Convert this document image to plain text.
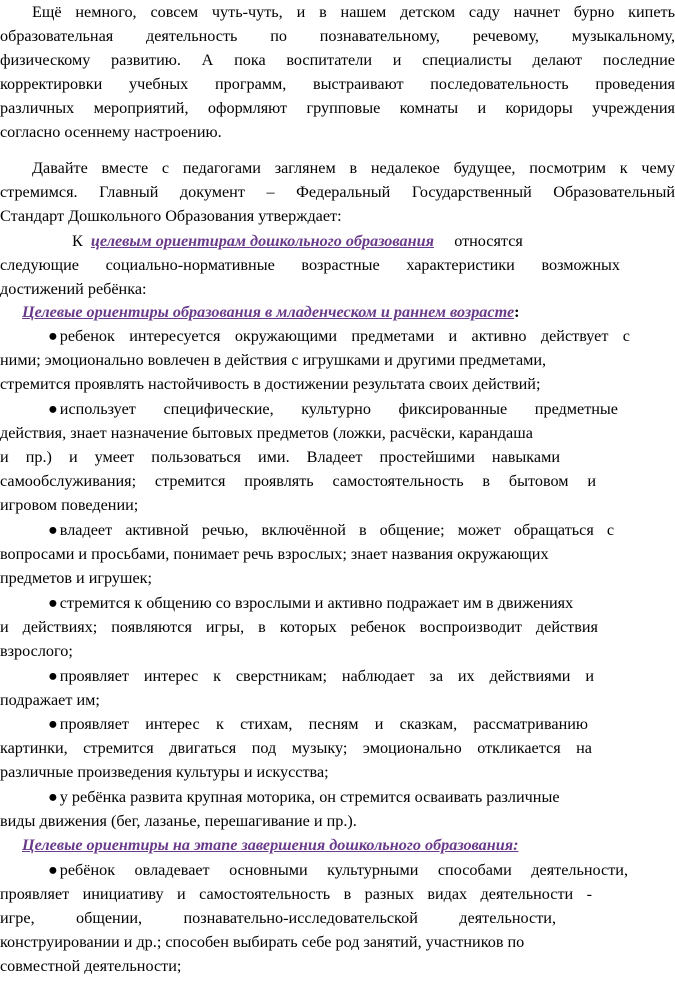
Ещё немного, совсем чуть-чуть, и в нашем детском саду начнет бурно кипеть
образовательная деятельность по познавательному, речевому, музыкальному,
физическому развитию. А пока воспитатели и специалисты делают последние
корректировки учебных программ, выстраивают последовательность проведения
различных мероприятий, оформляют групповые комнаты и коридоры учреждения
согласно осеннему настроению.
Давайте вместе с педагогами заглянем в недалекое будущее, посмотрим к чему
стремимся. Главный документ – Федеральный Государственный Образовательный
Стандарт Дошкольного Образования утверждает:
К целевым ориентирам дошкольного образования относятся
следующие социально-нормативные возрастные характеристики возможных
достижений ребёнка:
Целевые ориентиры образования в младенческом и раннем возрасте:
● ребенок интересуется окружающими предметами и активно действует с
ними; эмоционально вовлечен в действия с игрушками и другими предметами,
стремится проявлять настойчивость в достижении результата своих действий;
● использует специфические, культурно фиксированные предметные
действия, знает назначение бытовых предметов (ложки, расчёски, карандаша
и пр.) и умеет пользоваться ими. Владеет простейшими навыками
самообслуживания; стремится проявлять самостоятельность в бытовом и
игровом поведении;
● владеет активной речью, включённой в общение; может обращаться с
вопросами и просьбами, понимает речь взрослых; знает названия окружающих
предметов и игрушек;
● стремится к общению со взрослыми и активно подражает им в движениях
и действиях; появляются игры, в которых ребенок воспроизводит действия
взрослого;
● проявляет интерес к сверстникам; наблюдает за их действиями и
подражает им;
● проявляет интерес к стихам, песням и сказкам, рассматриванию
картинки, стремится двигаться под музыку; эмоционально откликается на
различные произведения культуры и искусства;
● у ребёнка развита крупная моторика, он стремится осваивать различные
виды движения (бег, лазанье, перешагивание и пр.).
Целевые ориентиры на этапе завершения дошкольного образования:
● ребёнок овладевает основными культурными способами деятельности,
проявляет инициативу и самостоятельность в разных видах деятельности -
игре, общении, познавательно-исследовательской деятельности,
конструировании и др.; способен выбирать себе род занятий, участников по
совместной деятельности;
